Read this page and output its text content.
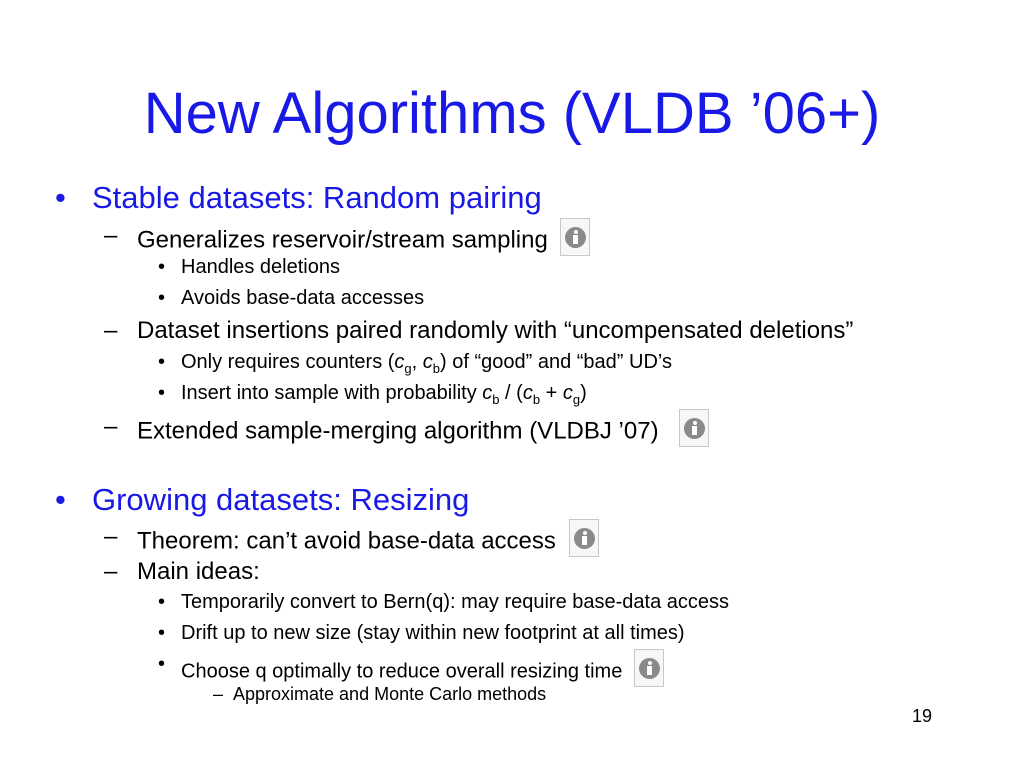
New Algorithms (VLDB ’06+)
• Stable datasets: Random pairing
– Generalizes reservoir/stream sampling
• Handles deletions
• Avoids base-data accesses
– Dataset insertions paired randomly with “uncompensated deletions”
• Only requires counters ($c_g$, $c_b$) of “good” and “bad” UD’s
• Insert into sample with probability $c_b / (c_b + c_g)$
– Extended sample-merging algorithm (VLDBJ ’07)
• Growing datasets: Resizing
– Theorem: can’t avoid base-data access
– Main ideas:
• Temporarily convert to Bern(q): may require base-data access
• Drift up to new size (stay within new footprint at all times)
• Choose q optimally to reduce overall resizing time
– Approximate and Monte Carlo methods
19
